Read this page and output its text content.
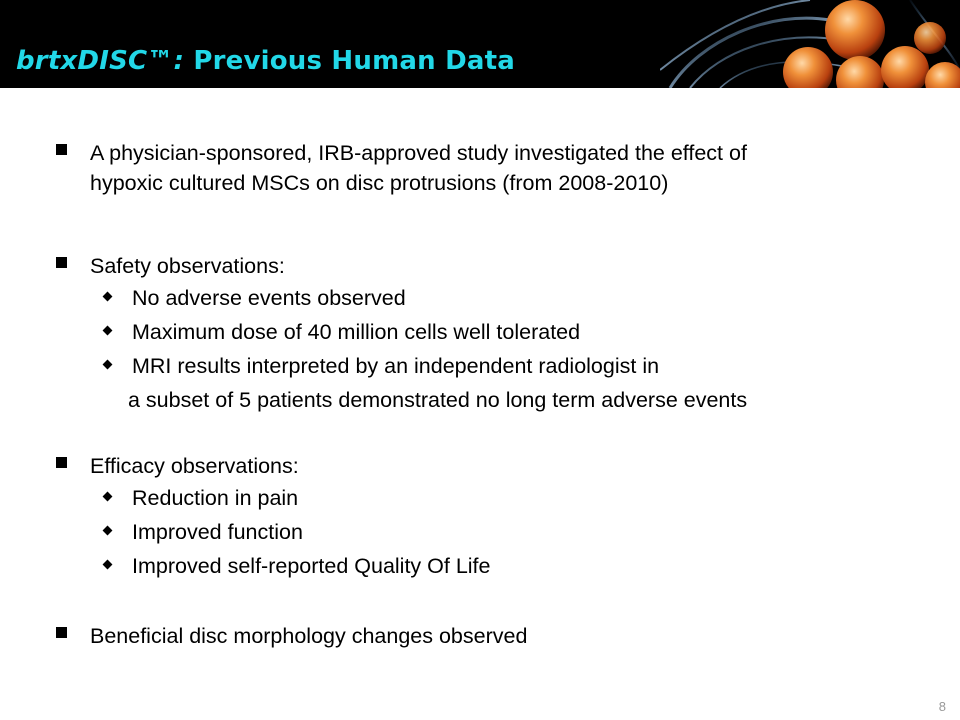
brtxDISC™: Previous Human Data
A physician-sponsored, IRB-approved study investigated the effect of
hypoxic cultured MSCs on disc protrusions (from 2008-2010)
Safety observations:
No adverse events observed
Maximum dose of 40 million cells well tolerated
MRI results interpreted by an independent radiologist in
a subset of 5 patients demonstrated no long term adverse events
Efficacy observations:
Reduction in pain
Improved function
Improved self-reported Quality Of Life
Beneficial disc morphology changes observed
8
